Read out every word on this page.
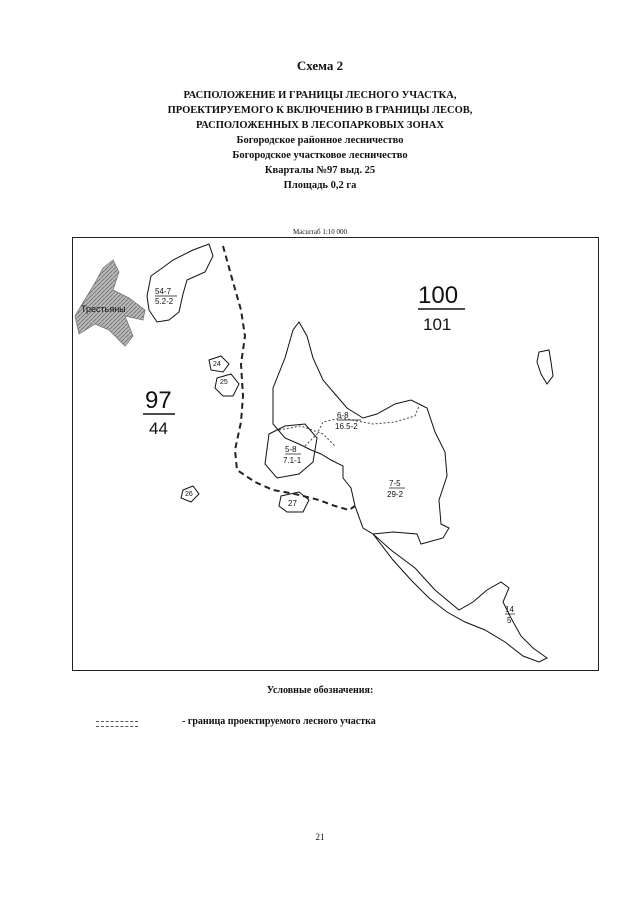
Схема 2
РАСПОЛОЖЕНИЕ И ГРАНИЦЫ ЛЕСНОГО УЧАСТКА,
ПРОЕКТИРУЕМОГО К ВКЛЮЧЕНИЮ В ГРАНИЦЫ ЛЕСОВ,
РАСПОЛОЖЕННЫХ В ЛЕСОПАРКОВЫХ ЗОНАХ
Богородское районное лесничество
Богородское участковое лесничество
Кварталы №97 выд. 25
Площадь 0,2 га
Масштаб 1:10 000
Трестьяны	100
101
97
44
54-7
5.2-2
6-8
16.5-2
5-8
7.1-1
7-5
29-2
14
5
24
25
27
26
Условные обозначения:
- граница проектируемого лесного участка
21
